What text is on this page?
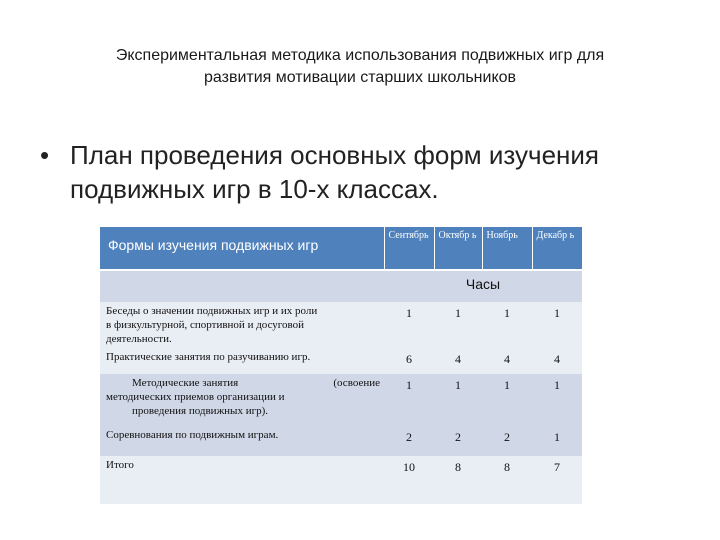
Экспериментальная методика использования подвижных игр для
развития мотивации старших школьников
• План проведения основных форм изучения подвижных игр в 10-х классах.
Формы изучения подвижных игр	Сентябрь	Октябр ь	Ноябрь	Декабр ь
	Часы			

Беседы о значении подвижных игр и их роли
в физкультурной, спортивной и досуговой
деятельности.	1	1	1	1

Практические занятия по разучиванию игр.	6	4	4	4

Методические занятия (освоение
методических приемов организации и
проведения подвижных игр).	1	1	1	1

Соревнования по подвижным играм.	2	2	2	1

Итого	10	8	8	7
